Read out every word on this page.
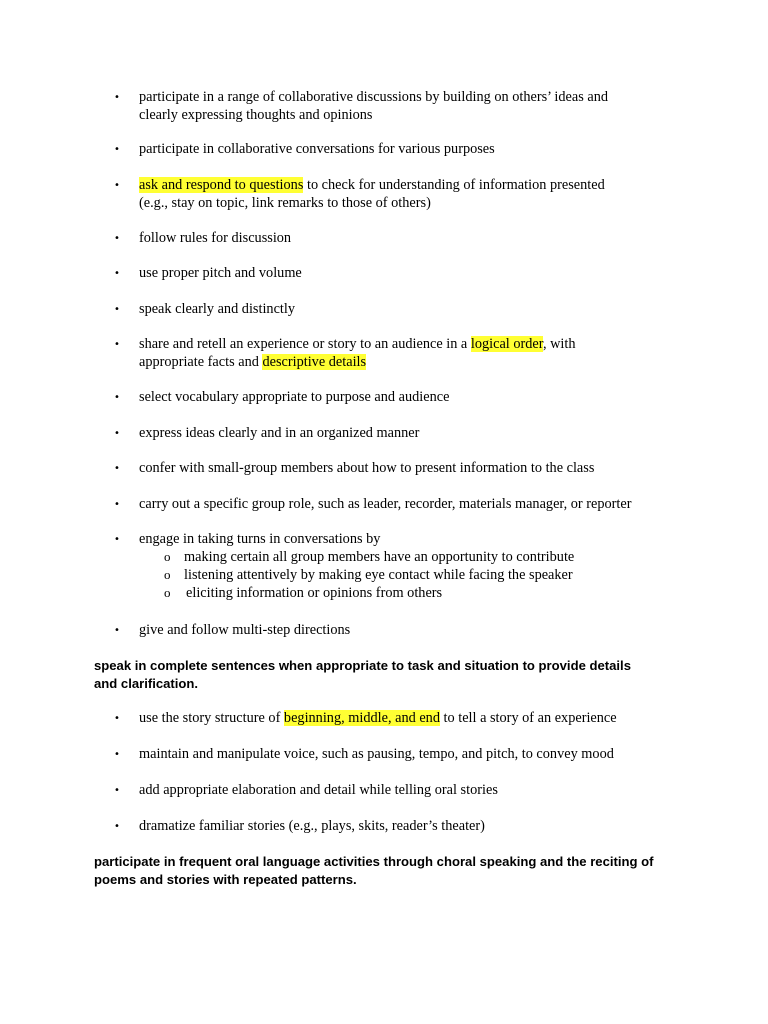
• participate in a range of collaborative discussions by building on others’ ideas and
clearly expressing thoughts and opinions
• participate in collaborative conversations for various purposes
• ask and respond to questions to check for understanding of information presented
(e.g., stay on topic, link remarks to those of others)
• follow rules for discussion
• use proper pitch and volume
• speak clearly and distinctly
• share and retell an experience or story to an audience in a logical order, with
appropriate facts and descriptive details
• select vocabulary appropriate to purpose and audience
• express ideas clearly and in an organized manner
• confer with small-group members about how to present information to the class
• carry out a specific group role, such as leader, recorder, materials manager, or reporter
• engage in taking turns in conversations by
o making certain all group members have an opportunity to contribute
o listening attentively by making eye contact while facing the speaker
o eliciting information or opinions from others
• give and follow multi-step directions
speak in complete sentences when appropriate to task and situation to provide details
and clarification.
• use the story structure of beginning, middle, and end to tell a story of an experience
• maintain and manipulate voice, such as pausing, tempo, and pitch, to convey mood
• add appropriate elaboration and detail while telling oral stories
• dramatize familiar stories (e.g., plays, skits, reader’s theater)
participate in frequent oral language activities through choral speaking and the reciting of
poems and stories with repeated patterns.
